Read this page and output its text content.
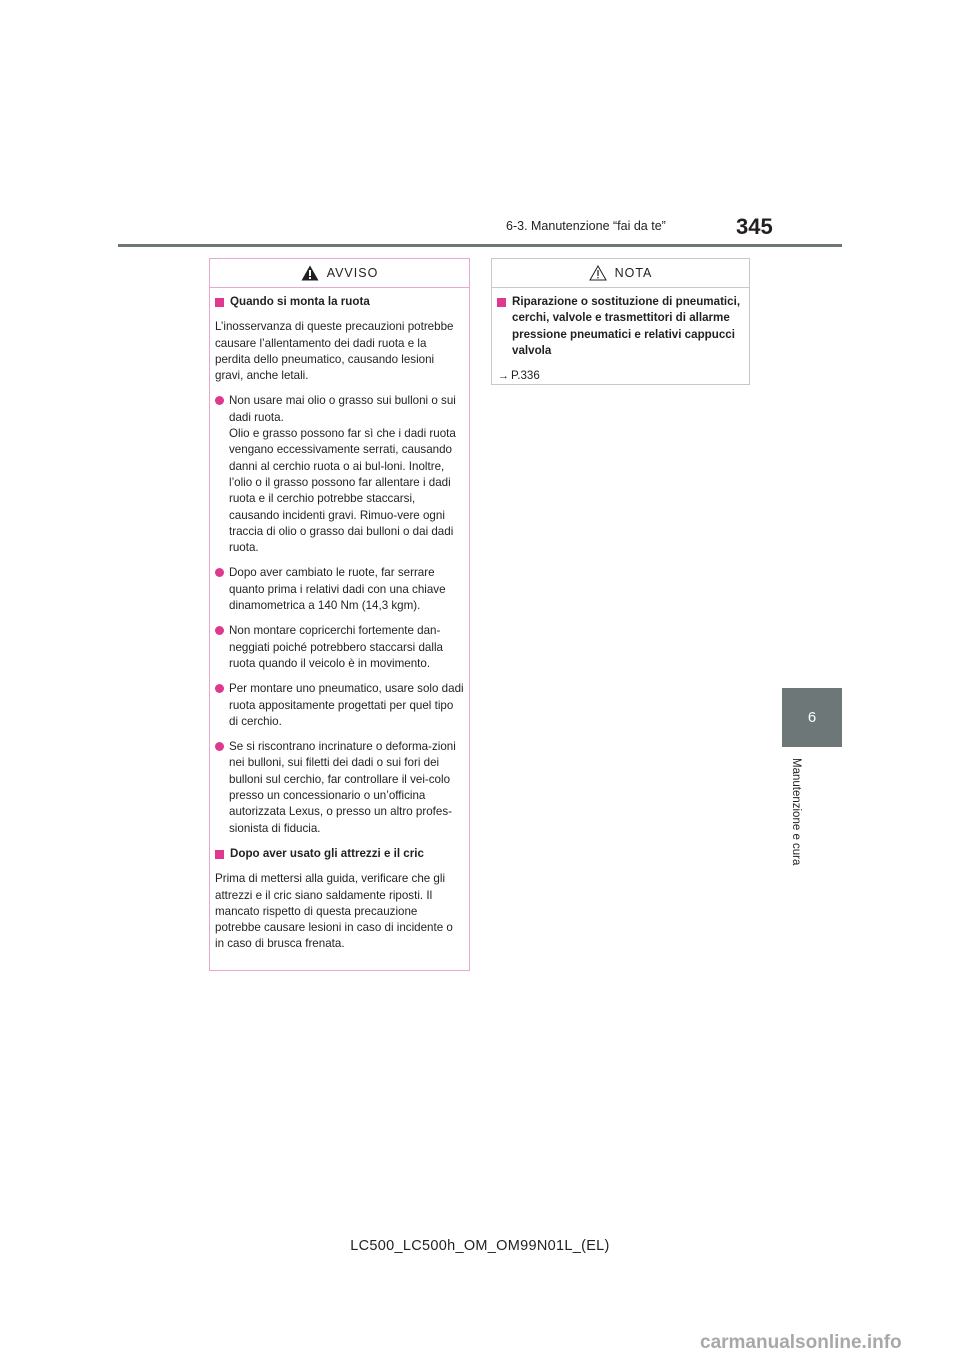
6-3. Manutenzione “fai da te”	345
6
Manutenzione e cura
AVVISO
Quando si monta la ruota

L’inosservanza di queste precauzioni potrebbe causare l’allentamento dei dadi ruota e la perdita dello pneumatico, causando lesioni gravi, anche letali.

Non usare mai olio o grasso sui bulloni o sui dadi ruota.
Olio e grasso possono far sì che i dadi ruota vengano eccessivamente serrati, causando danni al cerchio ruota o ai bul-loni. Inoltre, l’olio o il grasso possono far allentare i dadi ruota e il cerchio potrebbe staccarsi, causando incidenti gravi. Rimuo-vere ogni traccia di olio o grasso dai bulloni o dai dadi ruota.
Dopo aver cambiato le ruote, far serrare quanto prima i relativi dadi con una chiave dinamometrica a 140 Nm (14,3 kgm).
Non montare copricerchi fortemente dan-neggiati poiché potrebbero staccarsi dalla ruota quando il veicolo è in movimento.
Per montare uno pneumatico, usare solo dadi ruota appositamente progettati per quel tipo di cerchio.
Se si riscontrano incrinature o deforma-zioni nei bulloni, sui filetti dei dadi o sui fori dei bulloni sul cerchio, far controllare il vei-colo presso un concessionario o un’officina autorizzata Lexus, o presso un altro profes-sionista di fiducia.
Dopo aver usato gli attrezzi e il cric

Prima di mettersi alla guida, verificare che gli attrezzi e il cric siano saldamente riposti. Il mancato rispetto di questa precauzione potrebbe causare lesioni in caso di incidente o in caso di brusca frenata.

NOTA
Riparazione o sostituzione di pneumatici, cerchi, valvole e trasmettitori di allarme pressione pneumatici e relativi cappucci valvola
→ P.336
LC500_LC500h_OM_OM99N01L_(EL)
carmanualsonline.info
